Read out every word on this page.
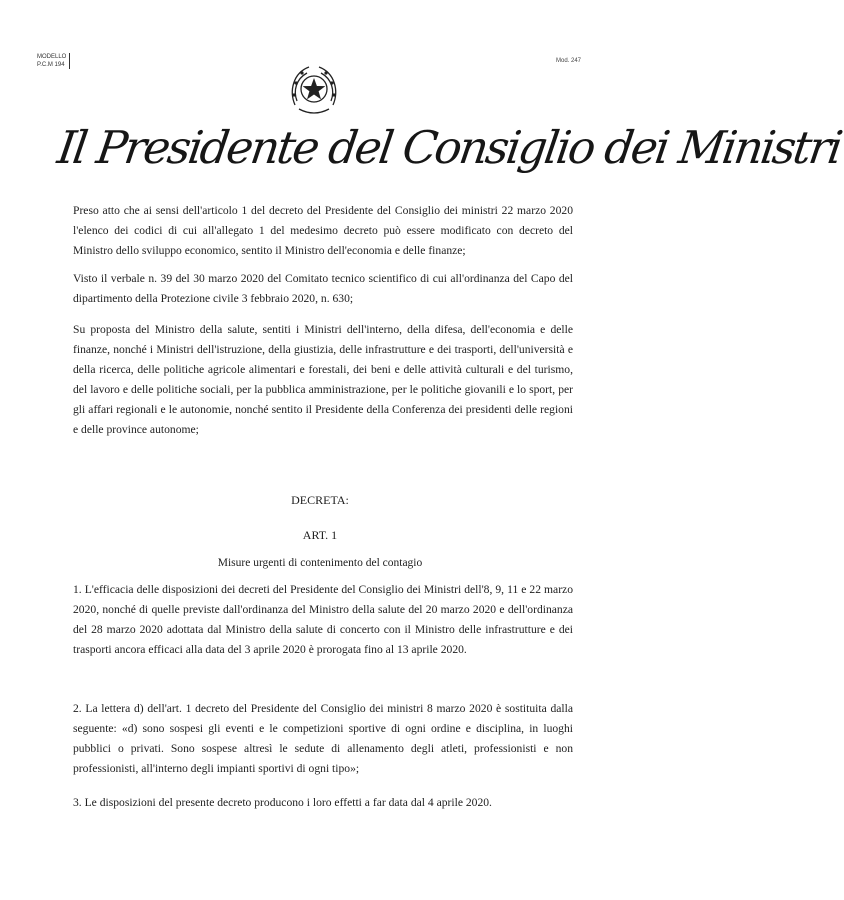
MODELLO
P.C.M 194
Mod. 247
Il Presidente del Consiglio dei Ministri

Preso atto che ai sensi dell'articolo 1 del decreto del Presidente del Consiglio dei ministri 22 marzo 2020 l'elenco dei codici di cui all'allegato 1 del medesimo decreto può essere modificato con decreto del Ministro dello sviluppo economico, sentito il Ministro dell'economia e delle finanze;

Visto il verbale n. 39 del 30 marzo 2020 del Comitato tecnico scientifico di cui all'ordinanza del Capo del dipartimento della Protezione civile 3 febbraio 2020, n. 630;

Su proposta del Ministro della salute, sentiti i Ministri dell'interno, della difesa, dell'economia e delle finanze, nonché i Ministri dell'istruzione, della giustizia, delle infrastrutture e dei trasporti, dell'università e della ricerca, delle politiche agricole alimentari e forestali, dei beni e delle attività culturali e del turismo, del lavoro e delle politiche sociali, per la pubblica amministrazione, per le politiche giovanili e lo sport, per gli affari regionali e le autonomie, nonché sentito il Presidente della Conferenza dei presidenti delle regioni e delle province autonome;

DECRETA:
ART. 1
Misure urgenti di contenimento del contagio

1. L'efficacia delle disposizioni dei decreti del Presidente del Consiglio dei Ministri dell'8, 9, 11 e 22 marzo 2020, nonché di quelle previste dall'ordinanza del Ministro della salute del 20 marzo 2020 e dell'ordinanza del 28 marzo 2020 adottata dal Ministro della salute di concerto con il Ministro delle infrastrutture e dei trasporti ancora efficaci alla data del 3 aprile 2020 è prorogata fino al 13 aprile 2020.

2. La lettera d) dell'art. 1 decreto del Presidente del Consiglio dei ministri 8 marzo 2020 è sostituita dalla seguente: «d) sono sospesi gli eventi e le competizioni sportive di ogni ordine e disciplina, in luoghi pubblici o privati. Sono sospese altresì le sedute di allenamento degli atleti, professionisti e non professionisti, all'interno degli impianti sportivi di ogni tipo»;

3. Le disposizioni del presente decreto producono i loro effetti a far data dal 4 aprile 2020.
